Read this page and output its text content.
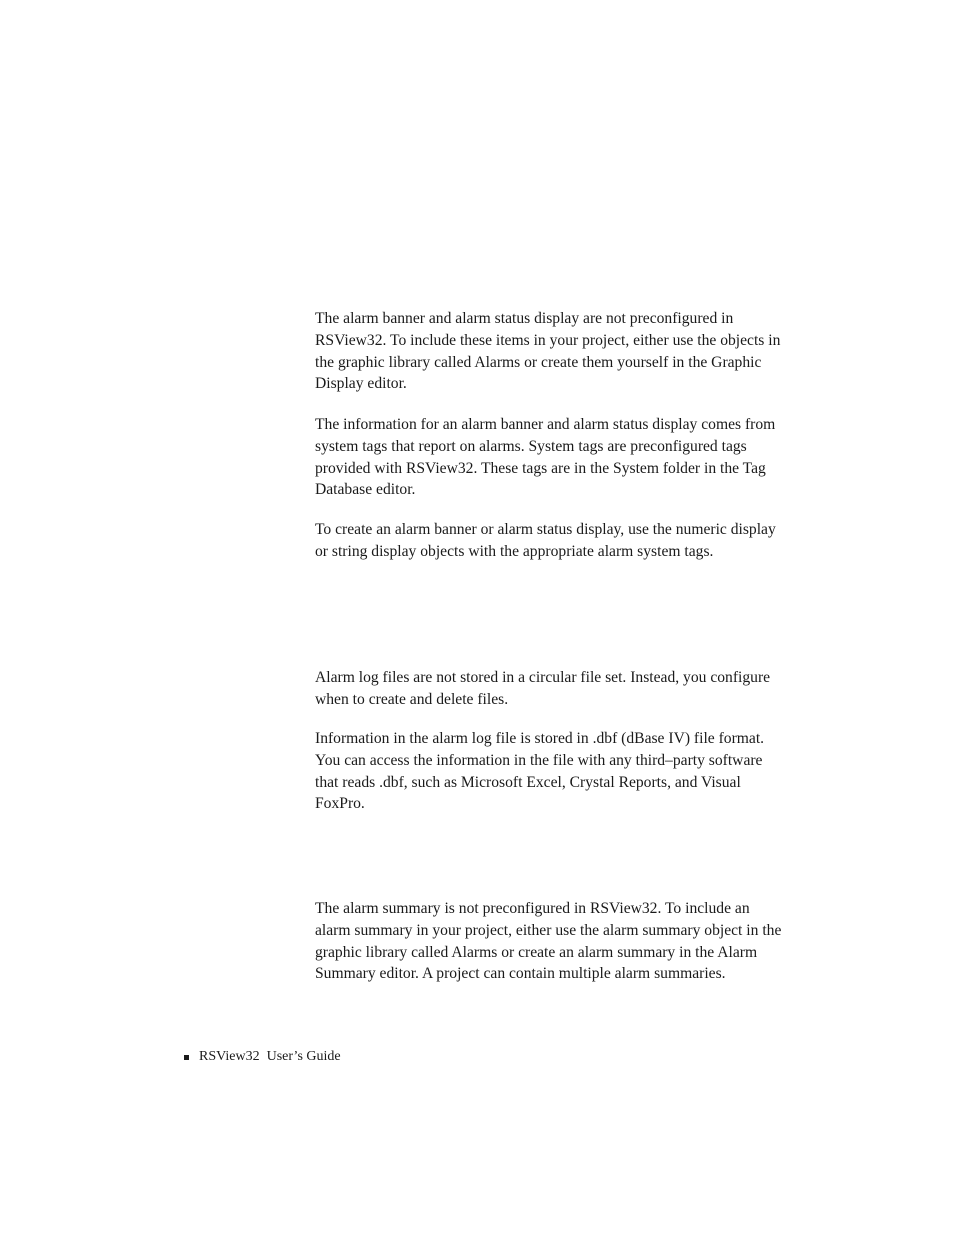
The alarm banner and alarm status display are not preconfigured in RSView32. To include these items in your project, either use the objects in the graphic library called Alarms or create them yourself in the Graphic Display editor.

The information for an alarm banner and alarm status display comes from system tags that report on alarms. System tags are preconfigured tags provided with RSView32. These tags are in the System folder in the Tag Database editor.

To create an alarm banner or alarm status display, use the numeric display or string display objects with the appropriate alarm system tags.

Alarm log files are not stored in a circular file set. Instead, you configure when to create and delete files.

Information in the alarm log file is stored in .dbf (dBase IV) file format. You can access the information in the file with any third–party software that reads .dbf, such as Microsoft Excel, Crystal Reports, and Visual FoxPro.

The alarm summary is not preconfigured in RSView32. To include an alarm summary in your project, either use the alarm summary object in the graphic library called Alarms or create an alarm summary in the Alarm Summary editor. A project can contain multiple alarm summaries.

RSView32  User’s Guide
